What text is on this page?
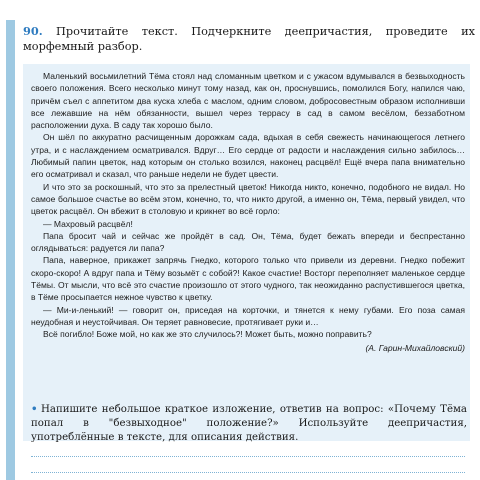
90. Прочитайте текст. Подчеркните деепричастия, проведите их морфемный разбор.

Маленький восьмилетний Тёма стоял над сломанным цветком и с ужасом вдумывался в безвыходность своего положения. Всего несколько минут тому назад, как он, проснувшись, помолился Богу, напился чаю, причём съел с аппетитом два куска хлеба с маслом, одним словом, добросовестным образом исполнивши все лежавшие на нём обязанности, вышел через террасу в сад в самом весёлом, беззаботном расположении духа. В саду так хорошо было.

Он шёл по аккуратно расчищенным дорожкам сада, вдыхая в себя свежесть начинающегося летнего утра, и с наслаждением осматривался. Вдруг… Его сердце от радости и наслаждения сильно забилось… Любимый папин цветок, над которым он столько возился, наконец расцвёл! Ещё вчера папа внимательно его осматривал и сказал, что раньше недели не будет цвести.

И что это за роскошный, что это за прелестный цветок! Никогда никто, конечно, подобного не видал. Но самое большое счастье во всём этом, конечно, то, что никто другой, а именно он, Тёма, первый увидел, что цветок расцвёл. Он вбежит в столовую и крикнет во всё горло:

— Махровый расцвёл!

Папа бросит чай и сейчас же пройдёт в сад. Он, Тёма, будет бежать впереди и беспрестанно оглядываться: радуется ли папа?

Папа, наверное, прикажет запрячь Гнедко, которого только что привели из деревни. Гнедко побежит скоро-скоро! А вдруг папа и Тёму возьмёт с собой?! Какое счастие! Восторг переполняет маленькое сердце Тёмы. От мысли, что всё это счастие произошло от этого чудного, так неожиданно распустившегося цветка, в Тёме просыпается нежное чувство к цветку.

— Ми-и-ленький! — говорит он, приседая на корточки, и тянется к нему губами. Его поза самая неудобная и неустойчивая. Он теряет равновесие, протягивает руки и…

Всё погибло! Боже мой, но как же это случилось?! Может быть, можно поправить?

(А. Гарин-Михайловский)
• Напишите небольшое краткое изложение, ответив на вопрос: «Почему Тёма попал в "безвыходное" положение?» Используйте деепричастия, употреблённые в тексте, для описания действия.
